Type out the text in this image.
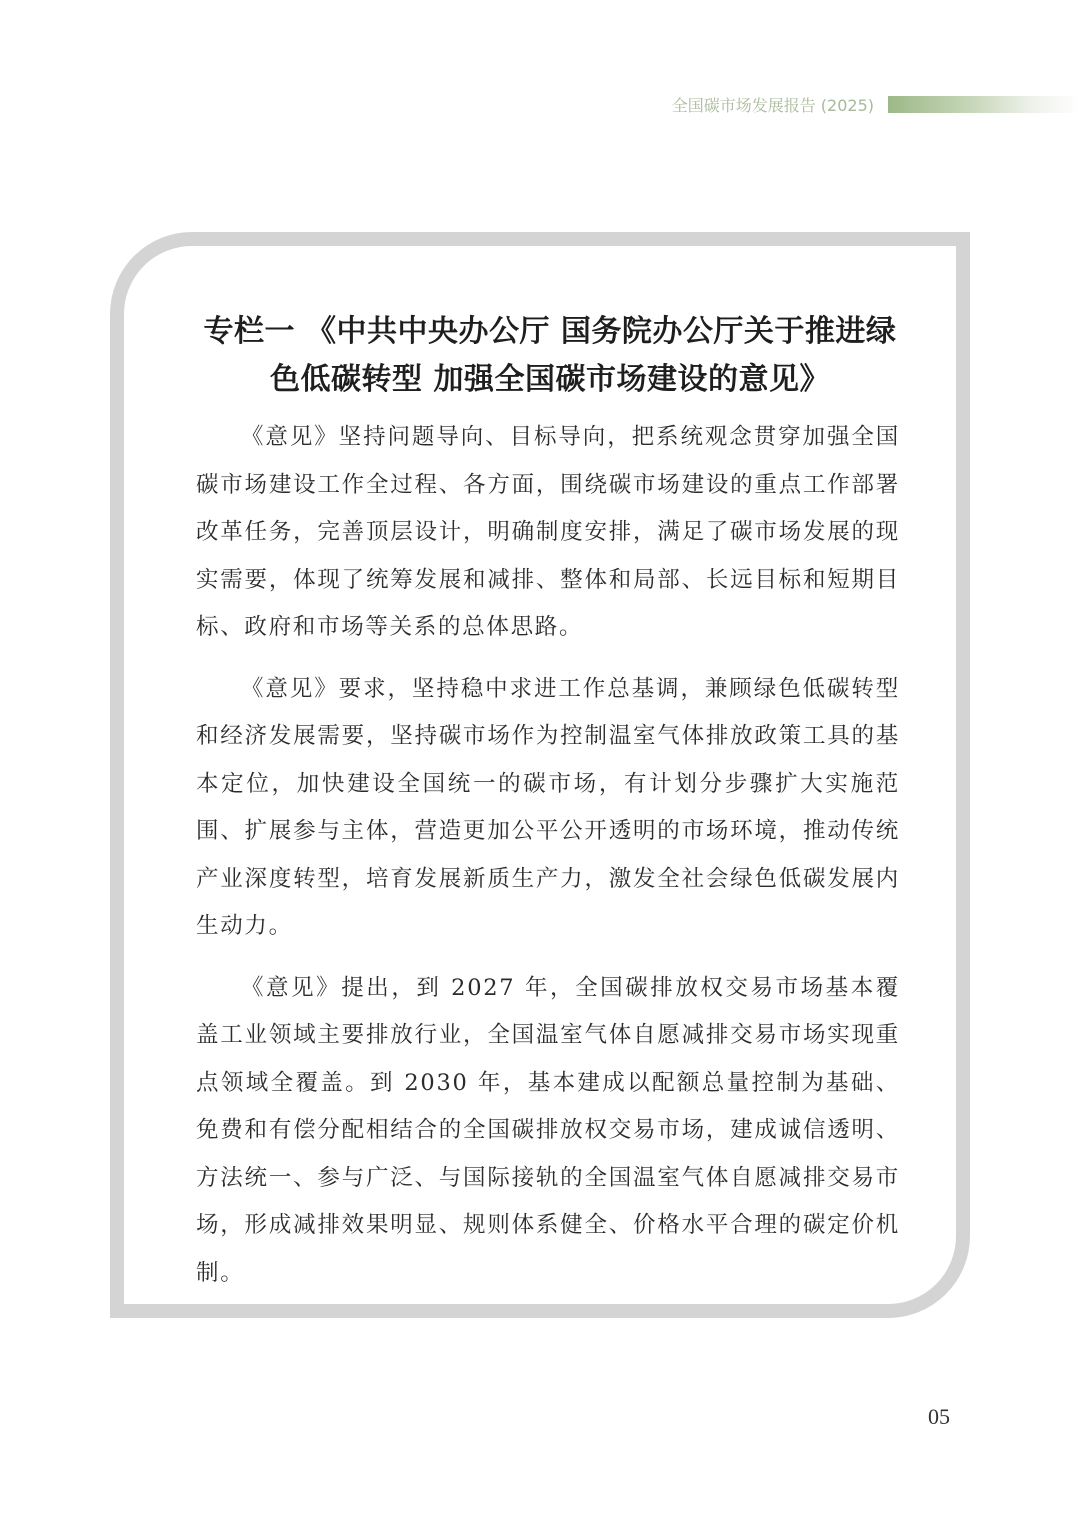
全国碳市场发展报告 (2025)
专栏一 《中共中央办公厅 国务院办公厅关于推进绿
色低碳转型 加强全国碳市场建设的意见》

《意见》坚持问题导向、目标导向，把系统观念贯穿加强全国碳市场建设工作全过程、各方面，围绕碳市场建设的重点工作部署改革任务，完善顶层设计，明确制度安排，满足了碳市场发展的现实需要，体现了统筹发展和减排、整体和局部、长远目标和短期目标、政府和市场等关系的总体思路。

《意见》要求，坚持稳中求进工作总基调，兼顾绿色低碳转型和经济发展需要，坚持碳市场作为控制温室气体排放政策工具的基本定位，加快建设全国统一的碳市场，有计划分步骤扩大实施范围、扩展参与主体，营造更加公平公开透明的市场环境，推动传统产业深度转型，培育发展新质生产力，激发全社会绿色低碳发展内生动力。

《意见》提出，到 2027 年，全国碳排放权交易市场基本覆盖工业领域主要排放行业，全国温室气体自愿减排交易市场实现重点领域全覆盖。到 2030 年，基本建成以配额总量控制为基础、免费和有偿分配相结合的全国碳排放权交易市场，建成诚信透明、方法统一、参与广泛、与国际接轨的全国温室气体自愿减排交易市场，形成减排效果明显、规则体系健全、价格水平合理的碳定价机制。

05
